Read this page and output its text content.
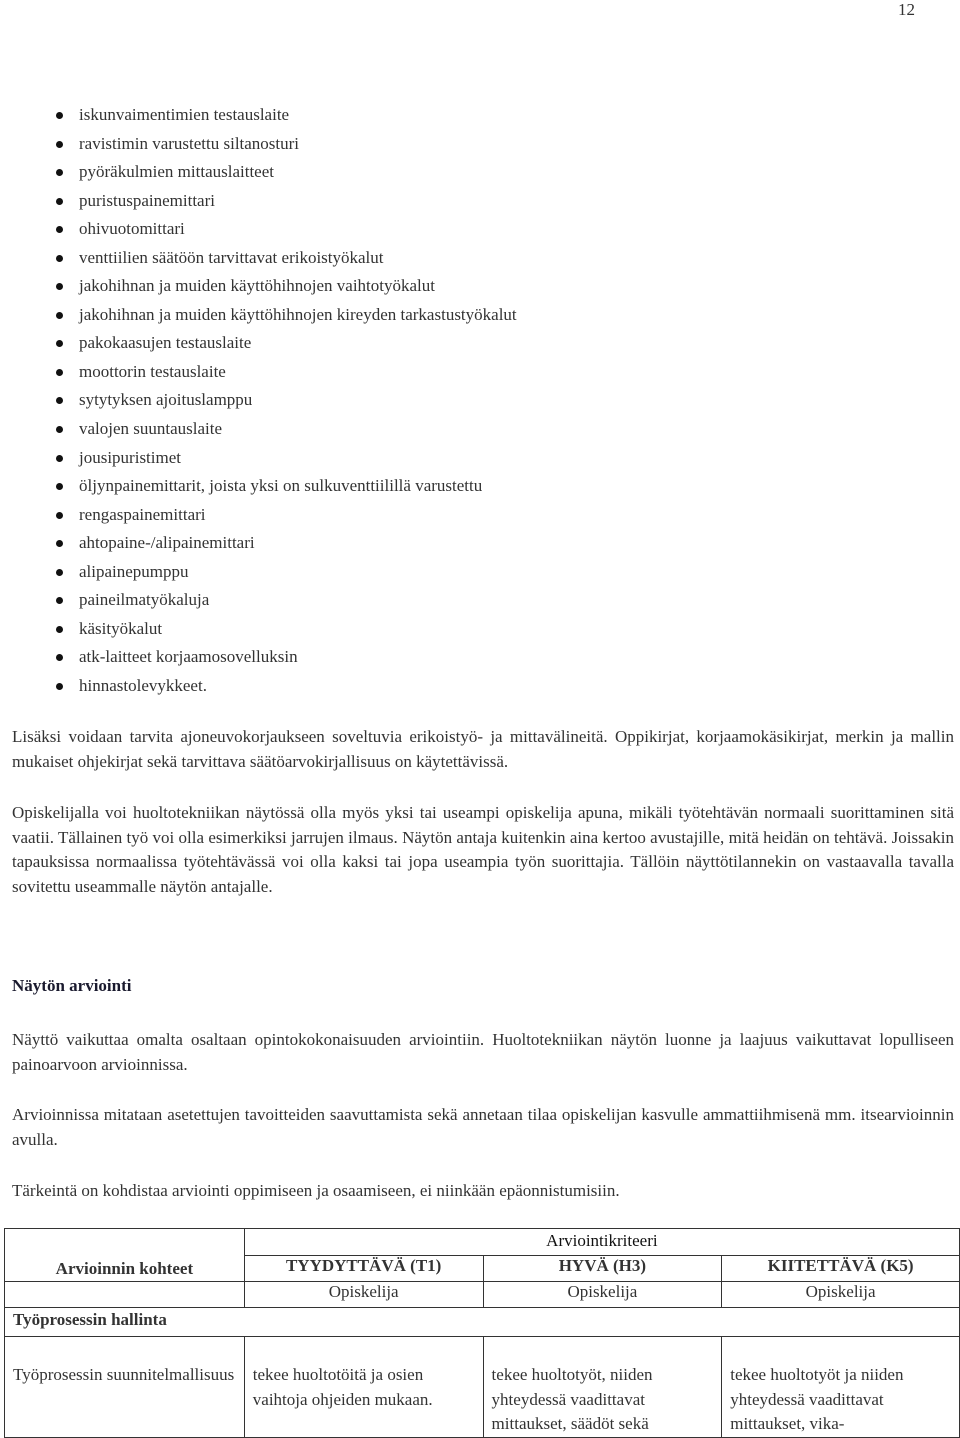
12
iskunvaimentimien testauslaite
ravistimin varustettu siltanosturi
pyöräkulmien mittauslaitteet
puristuspainemittari
ohivuotomittari
venttiilien säätöön tarvittavat erikoistyökalut
jakohihnan ja muiden käyttöhihnojen vaihtotyökalut
jakohihnan ja muiden käyttöhihnojen kireyden tarkastustyökalut
pakokaasujen testauslaite
moottorin testauslaite
sytytyksen ajoituslamppu
valojen suuntauslaite
jousipuristimet
öljynpainemittarit, joista yksi on sulkuventtiilillä varustettu
rengaspainemittari
ahtopaine-/alipainemittari
alipainepumppu
paineilmatyökaluja
käsityökalut
atk-laitteet korjaamosovelluksin
hinnastolevykkeet.

Lisäksi voidaan tarvita ajoneuvokorjaukseen soveltuvia erikoistyö- ja mittavälineitä. Oppikirjat, korjaamokäsikirjat, merkin ja mallin mukaiset ohjekirjat sekä tarvittava säätöarvokirjallisuus on käytettävissä.

Opiskelijalla voi huoltotekniikan näytössä olla myös yksi tai useampi opiskelija apuna, mikäli työtehtävän normaali suorittaminen sitä vaatii. Tällainen työ voi olla esimerkiksi jarrujen ilmaus. Näytön antaja kuitenkin aina kertoo avustajille, mitä heidän on tehtävä. Joissakin tapauksissa normaalissa työtehtävässä voi olla kaksi tai jopa useampia työn suorittajia. Tällöin näyttötilannekin on vastaavalla tavalla sovitettu useammalle näytön antajalle.

Näytön arviointi

Näyttö vaikuttaa omalta osaltaan opintokokonaisuuden arviointiin. Huoltotekniikan näytön luonne ja laajuus vaikuttavat lopulliseen painoarvoon arvioinnissa.

Arvioinnissa mitataan asetettujen tavoitteiden saavuttamista sekä annetaan tilaa opiskelijan kasvulle ammattiihmisenä mm. itsearvioinnin avulla.

Tärkeintä on kohdistaa arviointi oppimiseen ja osaamiseen, ei niinkään epäonnistumisiin.

Arvioinnin kohteet	Arviointikriteeri		
	TYYDYTTÄVÄ (T1)	HYVÄ (H3)	KIITETTÄVÄ (K5)
	Opiskelija	Opiskelija	Opiskelija
Työprosessin hallinta			
Työprosessin suunnitelmallisuus	tekee huoltotöitä ja osien vaihtoja ohjeiden mukaan.	tekee huoltotyöt, niiden yhteydessä vaadittavat mittaukset, säädöt sekä	tekee huoltotyöt ja niiden yhteydessä vaadittavat mittaukset, vika-
